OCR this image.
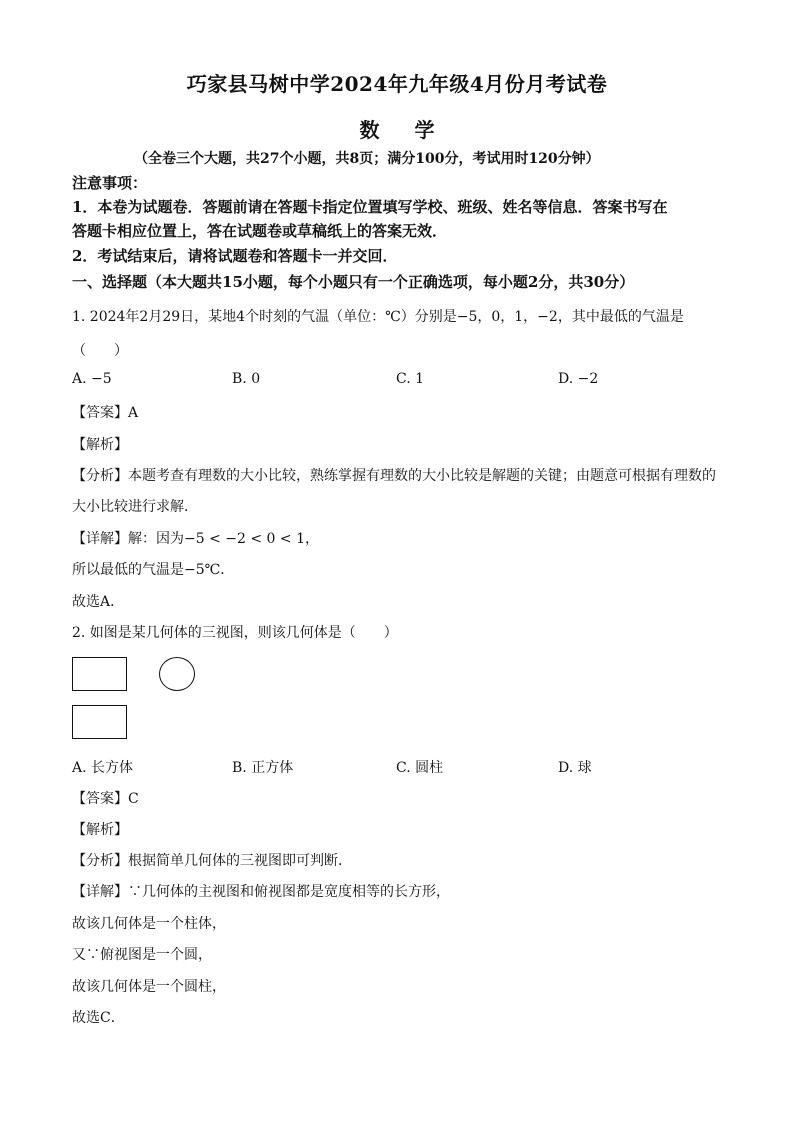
巧家县马树中学2024年九年级4月份月考试卷
数 学
（全卷三个大题，共27个小题，共8页；满分100分，考试用时120分钟）
注意事项：
1．本卷为试题卷．答题前请在答题卡指定位置填写学校、班级、姓名等信息．答案书写在
答题卡相应位置上，答在试题卷或草稿纸上的答案无效．
2．考试结束后，请将试题卷和答题卡一并交回．
一、选择题（本大题共15小题，每个小题只有一个正确选项，每小题2分，共30分）
1. 2024年2月29日，某地4个时刻的气温（单位：℃）分别是−5，0，1，−2，其中最低的气温是
（　　）
A. −5	B. 0	C. 1	D. −2
【答案】A
【解析】
【分析】本题考查有理数的大小比较，熟练掌握有理数的大小比较是解题的关键；由题意可根据有理数的
大小比较进行求解．
【详解】解：因为−5 < −2 < 0 < 1，
所以最低的气温是−5℃．
故选A．
2. 如图是某几何体的三视图，则该几何体是（　　）
A. 长方体	B. 正方体	C. 圆柱	D. 球
【答案】C
【解析】
【分析】根据简单几何体的三视图即可判断.
【详解】∵几何体的主视图和俯视图都是宽度相等的长方形，
故该几何体是一个柱体，
又∵俯视图是一个圆，
故该几何体是一个圆柱，
故选C．
